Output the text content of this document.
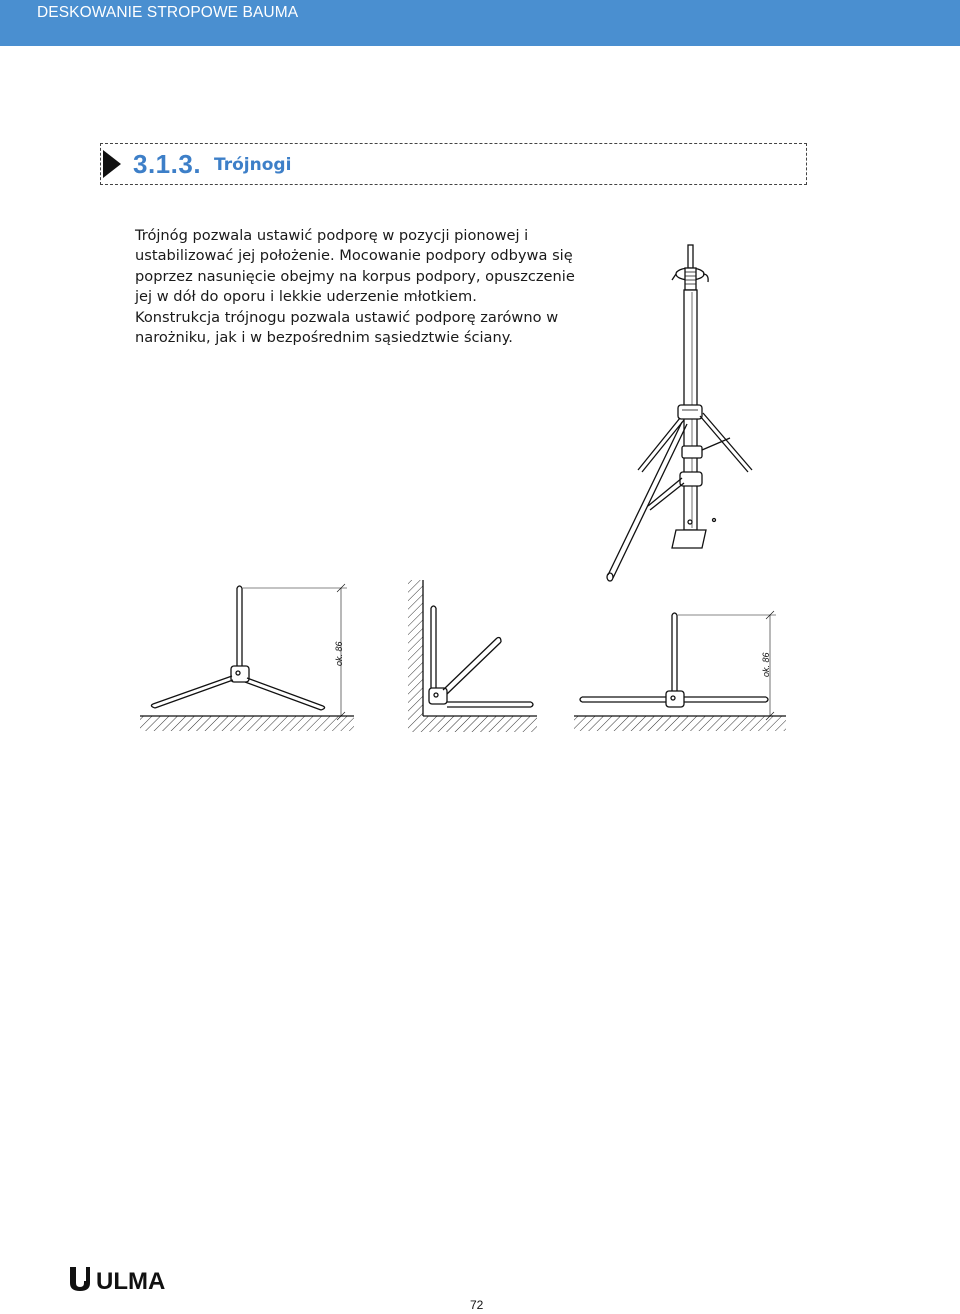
DESKOWANIE STROPOWE BAUMA
3.1.3. Trójnogi

Trójnóg pozwala ustawić podporę w pozycji pionowej i ustabilizować jej położenie. Mocowanie podpory odbywa się poprzez nasunięcie obejmy na korpus podpory, opuszczenie jej w dół do oporu i lekkie uderzenie młotkiem.

Konstrukcja trójnogu pozwala ustawić podporę zarówno w narożniku, jak i w bezpośrednim sąsiedztwie ściany.

ok. 86	ok. 86
ULMA
72
